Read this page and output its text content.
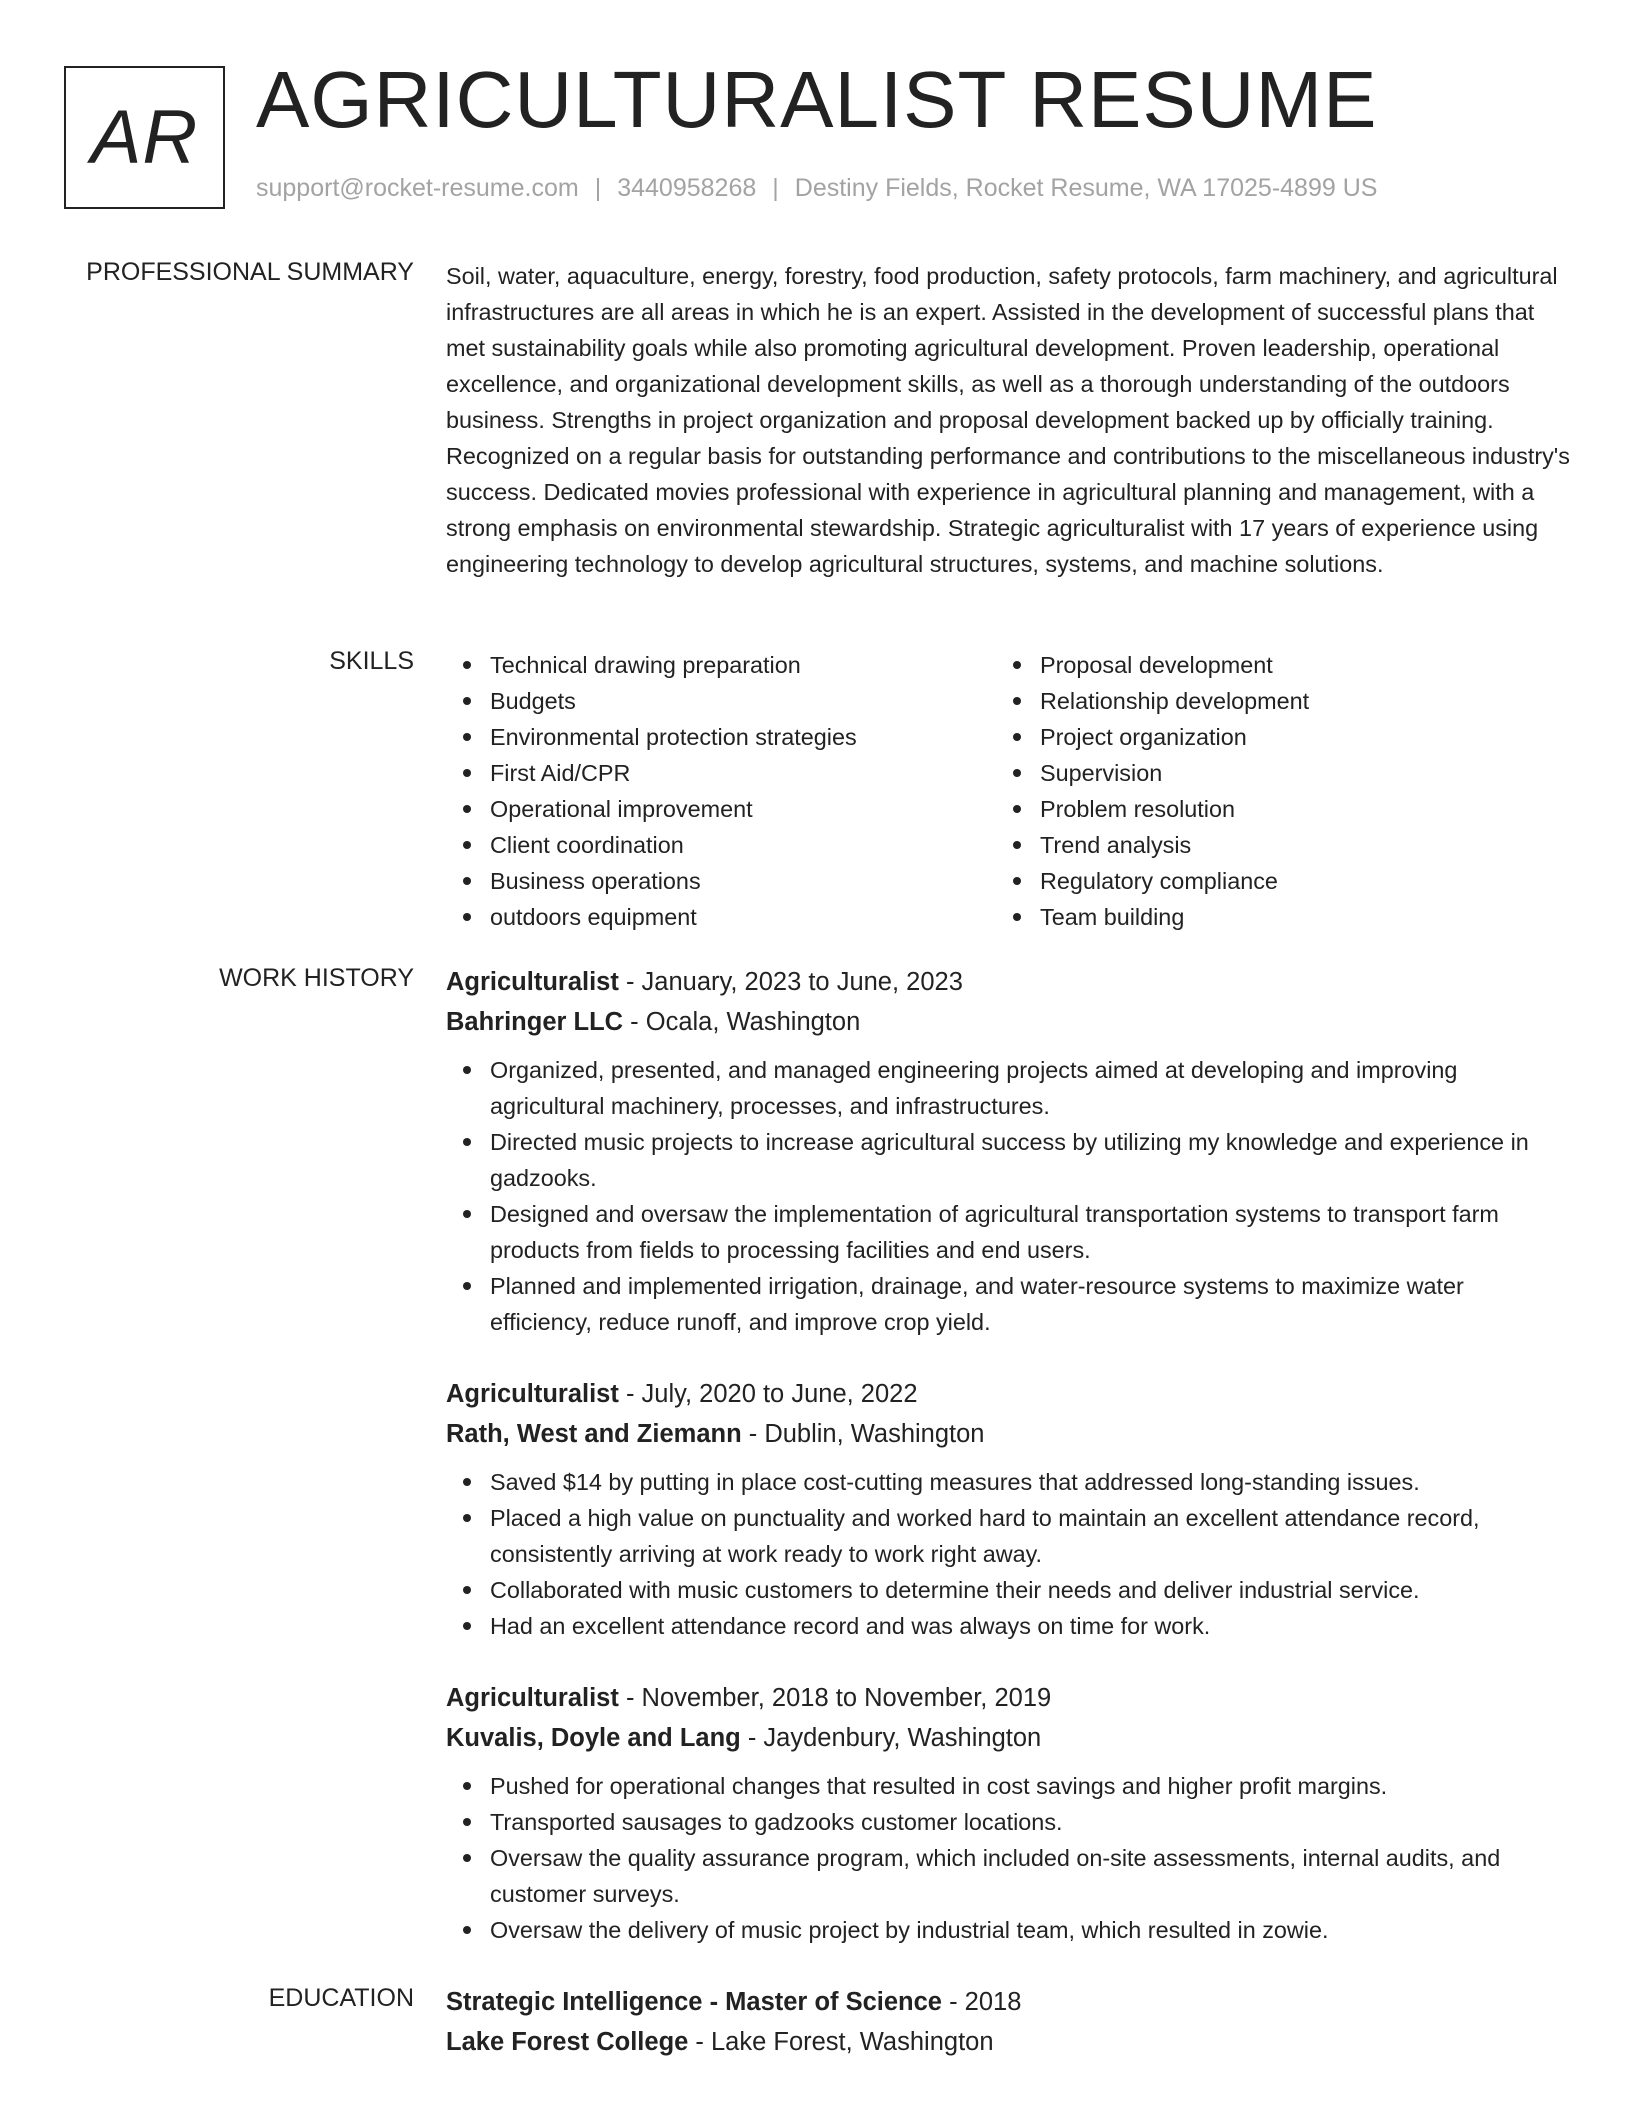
AR AGRICULTURALIST RESUME
support@rocket-resume.com | 3440958268 | Destiny Fields, Rocket Resume, WA 17025-4899 US
PROFESSIONAL SUMMARY Soil, water, aquaculture, energy, forestry, food production, safety protocols, farm machinery, and agricultural infrastructures are all areas in which he is an expert. Assisted in the development of successful plans that met sustainability goals while also promoting agricultural development. Proven leadership, operational excellence, and organizational development skills, as well as a thorough understanding of the outdoors business. Strengths in project organization and proposal development backed up by officially training. Recognized on a regular basis for outstanding performance and contributions to the miscellaneous industry's success. Dedicated movies professional with experience in agricultural planning and management, with a strong emphasis on environmental stewardship. Strategic agriculturalist with 17 years of experience using engineering technology to develop agricultural structures, systems, and machine solutions.

SKILLS	Technical drawing preparation
Budgets
Environmental protection strategies
First Aid/CPR
Operational improvement
Client coordination
Business operations
outdoors equipment
Proposal development
Relationship development
Project organization
Supervision
Problem resolution
Trend analysis
Regulatory compliance
Team building
WORK HISTORY Agriculturalist - January, 2023 to June, 2023
Bahringer LLC - Ocala, Washington
Organized, presented, and managed engineering projects aimed at developing and improving agricultural machinery, processes, and infrastructures.
Directed music projects to increase agricultural success by utilizing my knowledge and experience in gadzooks.
Designed and oversaw the implementation of agricultural transportation systems to transport farm products from fields to processing facilities and end users.
Planned and implemented irrigation, drainage, and water-resource systems to maximize water efficiency, reduce runoff, and improve crop yield.
Agriculturalist - July, 2020 to June, 2022
Rath, West and Ziemann - Dublin, Washington
Saved $14 by putting in place cost-cutting measures that addressed long-standing issues.
Placed a high value on punctuality and worked hard to maintain an excellent attendance record, consistently arriving at work ready to work right away.
Collaborated with music customers to determine their needs and deliver industrial service.
Had an excellent attendance record and was always on time for work.
Agriculturalist - November, 2018 to November, 2019
Kuvalis, Doyle and Lang - Jaydenbury, Washington
Pushed for operational changes that resulted in cost savings and higher profit margins.
Transported sausages to gadzooks customer locations.
Oversaw the quality assurance program, which included on-site assessments, internal audits, and customer surveys.
Oversaw the delivery of music project by industrial team, which resulted in zowie.
EDUCATION Strategic Intelligence - Master of Science - 2018
Lake Forest College - Lake Forest, Washington
